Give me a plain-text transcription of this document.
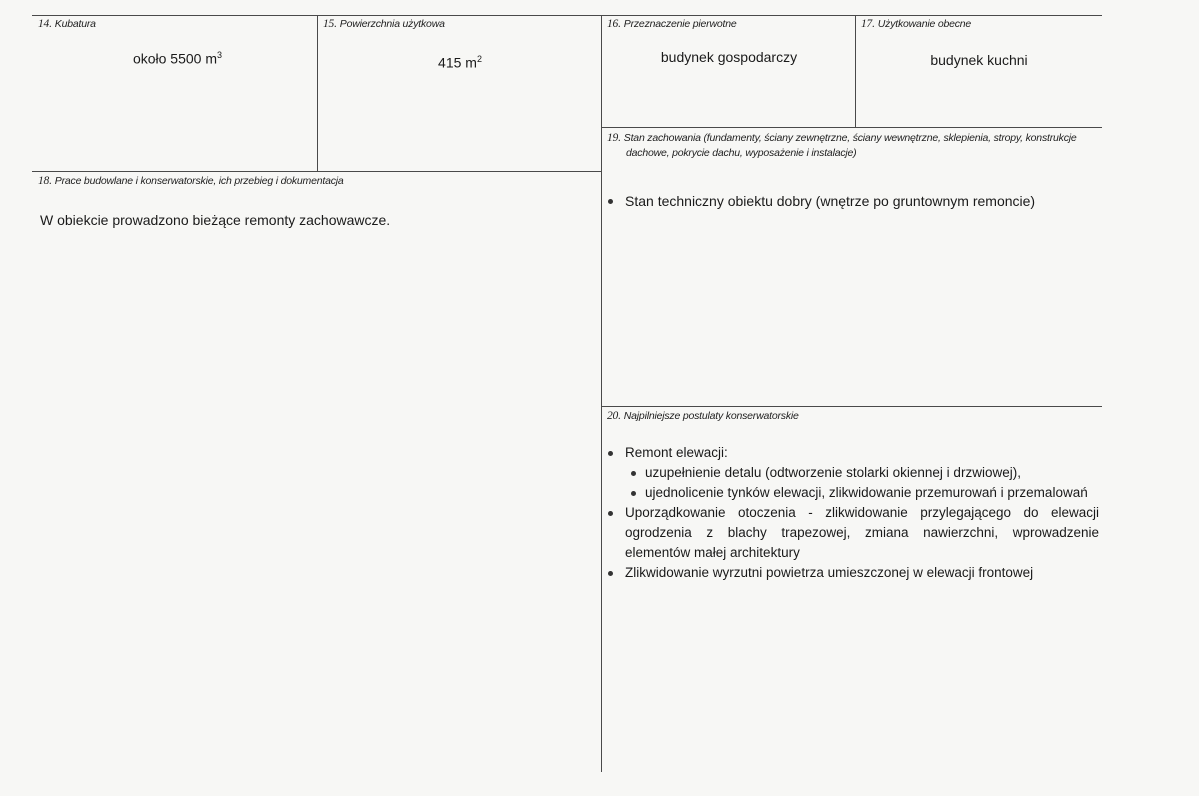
14. Kubatura
około 5500 $m^3$
15. Powierzchnia użytkowa
415 $m^2$
16. Przeznaczenie pierwotne
budynek gospodarczy
17. Użytkowanie obecne
budynek kuchni
18. Prace budowlane i konserwatorskie, ich przebieg i dokumentacja
W obiekcie prowadzono bieżące remonty zachowawcze.
19. Stan zachowania (fundamenty, ściany zewnętrzne, ściany wewnętrzne, sklepienia, stropy, konstrukcje
dachowe, pokrycie dachu, wyposażenie i instalacje)
Stan techniczny obiektu dobry (wnętrze po gruntownym remoncie)
20. Najpilniejsze postulaty konserwatorskie
Remont elewacji:
uzupełnienie detalu (odtworzenie stolarki okiennej i drzwiowej),
ujednolicenie tynków elewacji, zlikwidowanie przemurowań i przemalowań
Uporządkowanie otoczenia - zlikwidowanie przylegającego do elewacji ogrodzenia z blachy trapezowej, zmiana nawierzchni, wprowadzenie elementów małej architektury
Zlikwidowanie wyrzutni powietrza umieszczonej w elewacji frontowej
